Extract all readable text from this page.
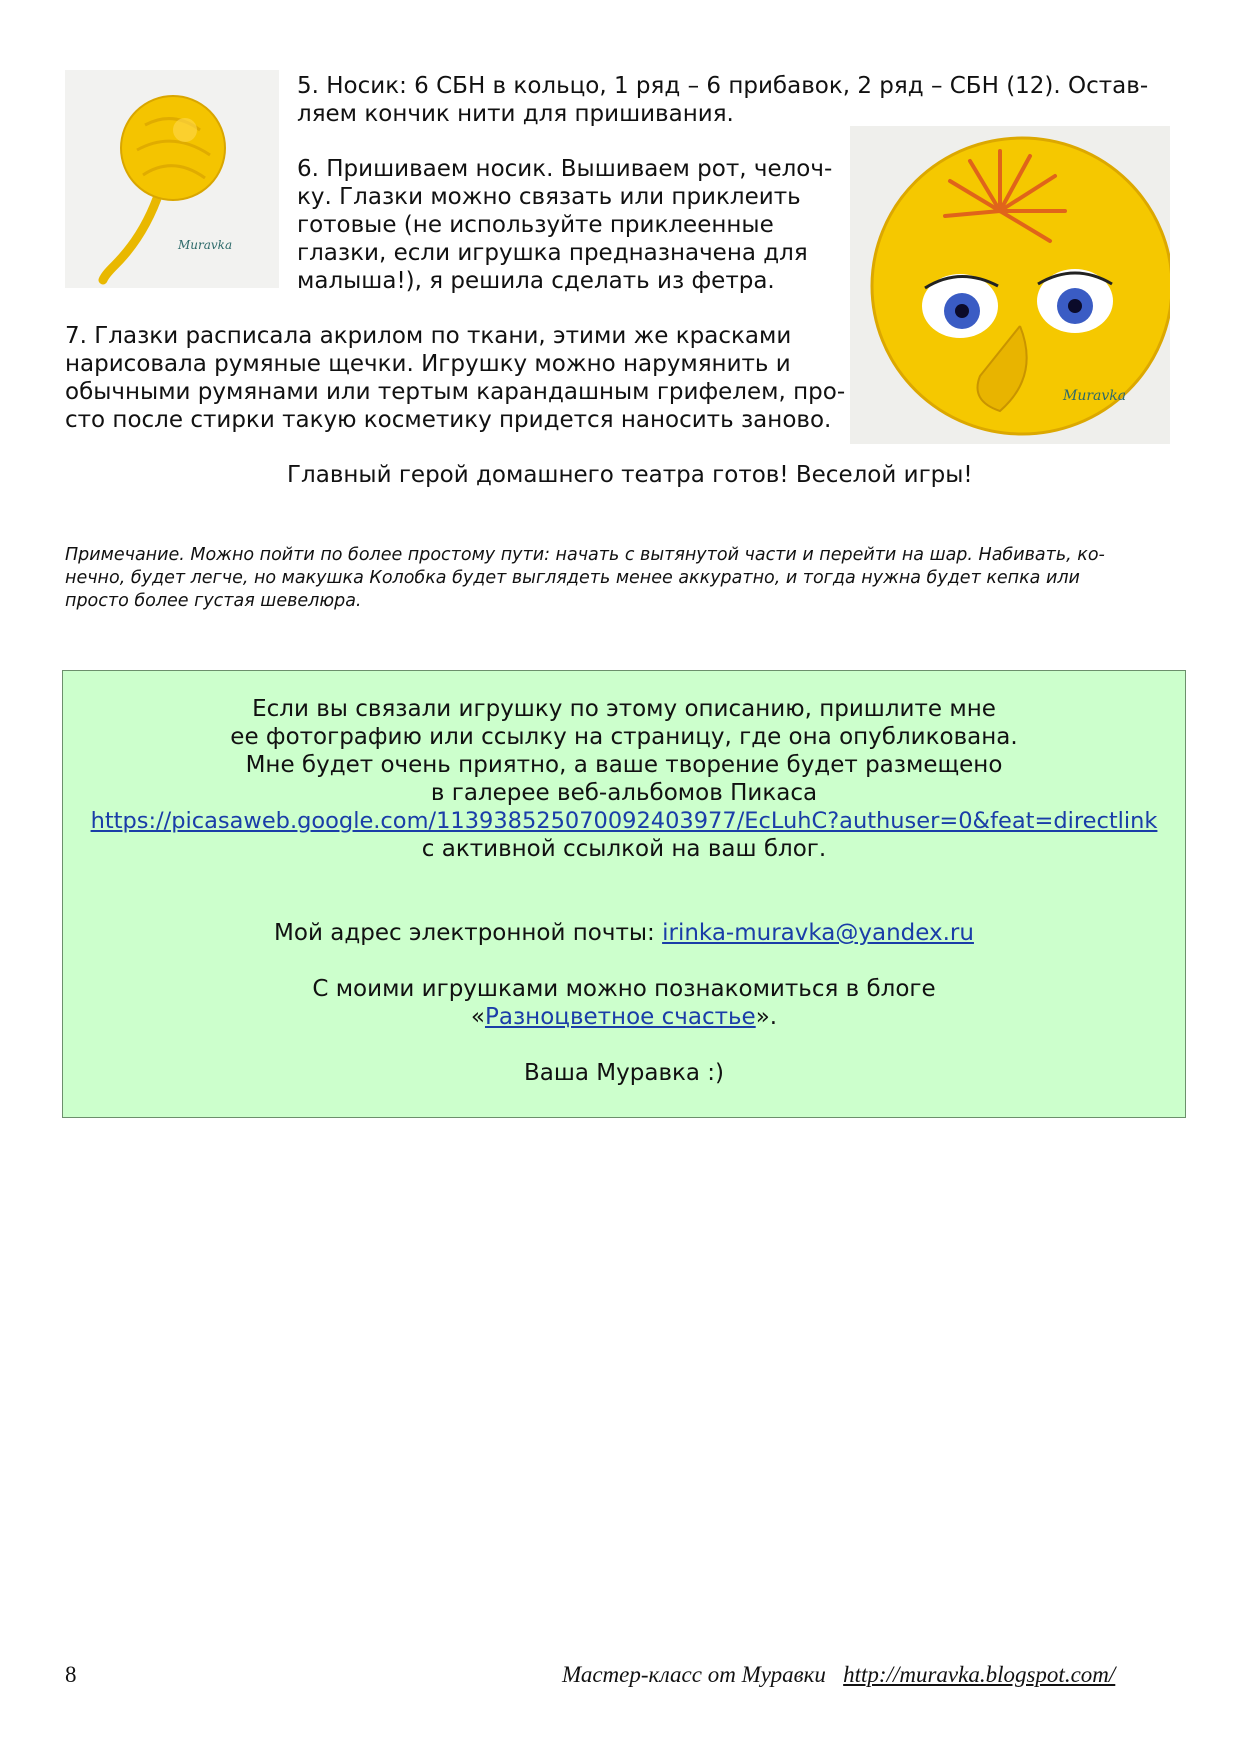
Muravka
5. Носик: 6 СБН в кольцо, 1 ряд – 6 прибавок, 2 ряд – СБН (12). Остав-
ляем кончик нити для пришивания.
Muravka
6. Пришиваем носик. Вышиваем рот, челоч-
ку. Глазки можно связать или приклеить
готовые (не используйте приклеенные
глазки, если игрушка предназначена для
малыша!), я решила сделать из фетра.
7. Глазки расписала акрилом по ткани, этими же красками
нарисовала румяные щечки. Игрушку можно нарумянить и
обычными румянами или тертым карандашным грифелем, про-
сто после стирки такую косметику придется наносить заново.
Главный герой домашнего театра готов! Веселой игры!
Примечание. Можно пойти по более простому пути: начать с вытянутой части и перейти на шар. Набивать, ко-
нечно, будет легче, но макушка Колобка будет выглядеть менее аккуратно, и тогда нужна будет кепка или
просто более густая шевелюра.
Если вы связали игрушку по этому описанию, пришлите мне
ее фотографию или ссылку на страницу, где она опубликована.
Мне будет очень приятно, а ваше творение будет размещено
в галерее веб-альбомов Пикаса
https://picasaweb.google.com/113938525070092403977/EcLuhC?authuser=0&feat=directlink
с активной ссылкой на ваш блог.
Мой адрес электронной почты: irinka-muravka@yandex.ru
С моими игрушками можно познакомиться в блоге
«Разноцветное счастье».
Ваша Муравка :)
8	Мастер-класс от Муравки http://muravka.blogspot.com/
